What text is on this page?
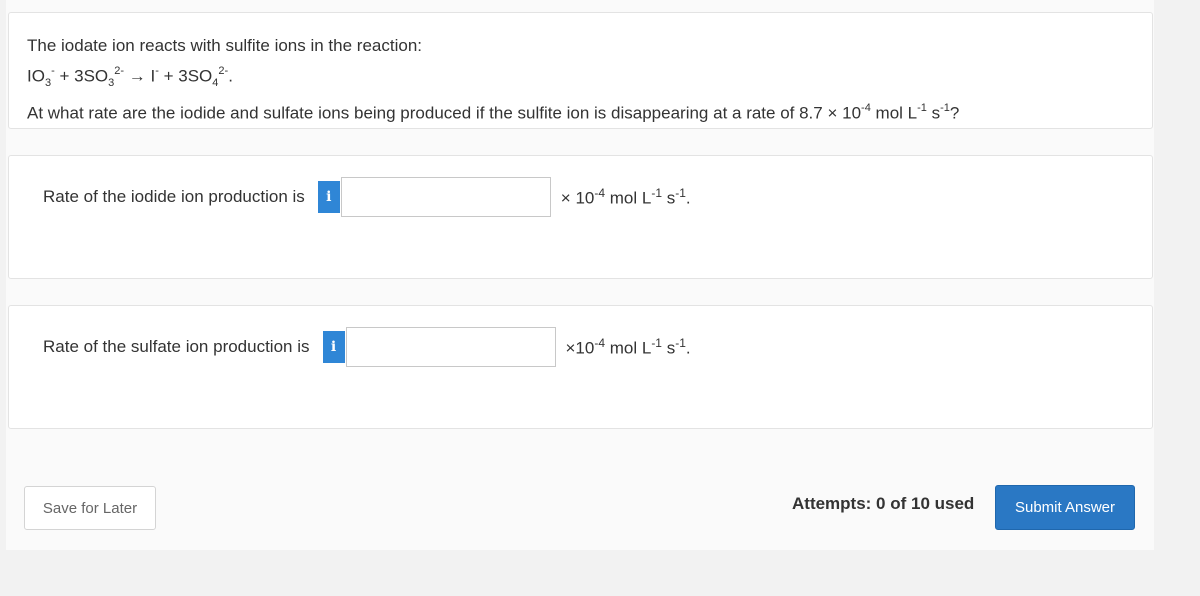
The iodate ion reacts with sulfite ions in the reaction:
$IO_3^- + 3SO_3^{2-} \to I^- + 3SO_4^{2-}$.
At what rate are the iodide and sulfate ions being produced if the sulfite ion is disappearing at a rate of $8.7 \times 10^{-4}$ mol $L^{-1}$ $s^{-1}$?
Rate of the iodide ion production is	i	× $10^{-4}$ mol $L^{-1}$ $s^{-1}$.
Rate of the sulfate ion production is	i	$\times 10^{-4}$ mol $L^{-1}$ $s^{-1}$.
Save for Later	Attempts: 0 of 10 used	Submit Answer
